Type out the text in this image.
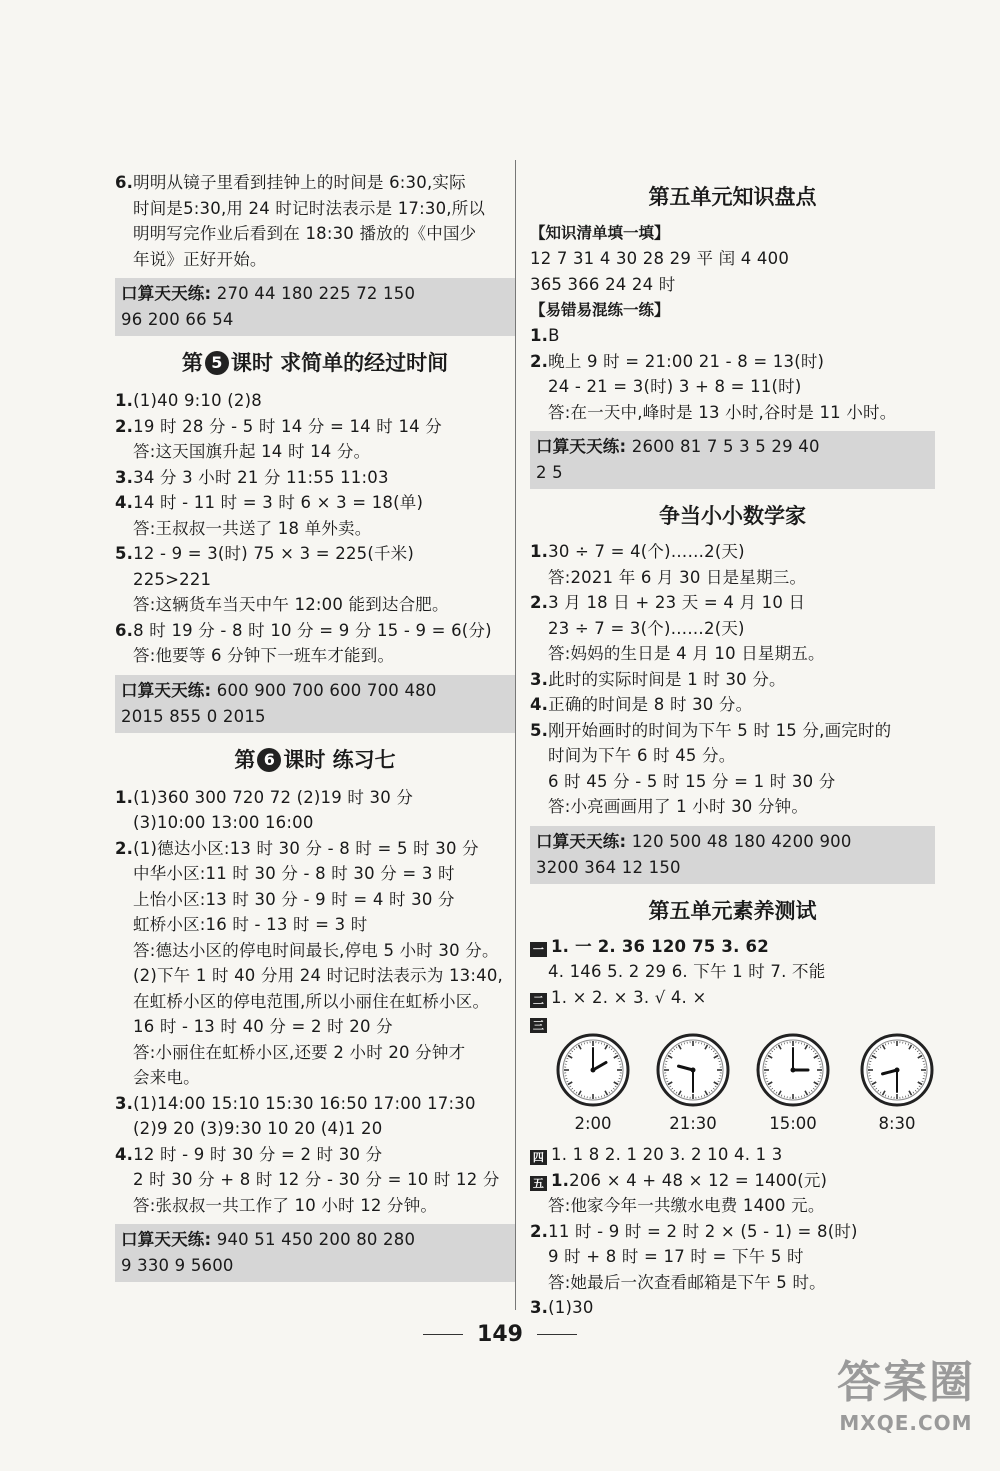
6.明明从镜子里看到挂钟上的时间是 6:30,实际
时间是5:30,用 24 时记时法表示是 17:30,所以
明明写完作业后看到在 18:30 播放的《中国少
年说》正好开始。
口算天天练: 270 44 180 225 72 150
96 200 66 54
第 5 课时 求简单的经过时间
1.(1)40 9:10 (2)8
2.19 时 28 分 - 5 时 14 分 = 14 时 14 分
答:这天国旗升起 14 时 14 分。
3.34 分 3 小时 21 分 11:55 11:03
4.14 时 - 11 时 = 3 时 6 × 3 = 18(单)
答:王叔叔一共送了 18 单外卖。
5.12 - 9 = 3(时) 75 × 3 = 225(千米)
225>221
答:这辆货车当天中午 12:00 能到达合肥。
6.8 时 19 分 - 8 时 10 分 = 9 分 15 - 9 = 6(分)
答:他要等 6 分钟下一班车才能到。
口算天天练: 600 900 700 600 700 480
2015 855 0 2015
第 6 课时 练习七
1.(1)360 300 720 72 (2)19 时 30 分
(3)10:00 13:00 16:00
2.(1)德达小区:13 时 30 分 - 8 时 = 5 时 30 分
中华小区:11 时 30 分 - 8 时 30 分 = 3 时
上怡小区:13 时 30 分 - 9 时 = 4 时 30 分
虹桥小区:16 时 - 13 时 = 3 时
答:德达小区的停电时间最长,停电 5 小时 30 分。
(2)下午 1 时 40 分用 24 时记时法表示为 13:40,
在虹桥小区的停电范围,所以小丽住在虹桥小区。
16 时 - 13 时 40 分 = 2 时 20 分
答:小丽住在虹桥小区,还要 2 小时 20 分钟才
会来电。
3.(1)14:00 15:10 15:30 16:50 17:00 17:30
(2)9 20 (3)9:30 10 20 (4)1 20
4.12 时 - 9 时 30 分 = 2 时 30 分
2 时 30 分 + 8 时 12 分 - 30 分 = 10 时 12 分
答:张叔叔一共工作了 10 小时 12 分钟。
口算天天练: 940 51 450 200 80 280
9 330 9 5600
第五单元知识盘点
【知识清单填一填】
12 7 31 4 30 28 29 平 闰 4 400
365 366 24 24 时
【易错易混练一练】
1.B
2.晚上 9 时 = 21:00 21 - 8 = 13(时)
24 - 21 = 3(时) 3 + 8 = 11(时)
答:在一天中,峰时是 13 小时,谷时是 11 小时。
口算天天练: 2600 81 7 5 3 5 29 40
2 5
争当小小数学家
1.30 ÷ 7 = 4(个)……2(天)
答:2021 年 6 月 30 日是星期三。
2.3 月 18 日 + 23 天 = 4 月 10 日
23 ÷ 7 = 3(个)……2(天)
答:妈妈的生日是 4 月 10 日星期五。
3.此时的实际时间是 1 时 30 分。
4.正确的时间是 8 时 30 分。
5.刚开始画时的时间为下午 5 时 15 分,画完时的
时间为下午 6 时 45 分。
6 时 45 分 - 5 时 15 分 = 1 时 30 分
答:小亮画画用了 1 小时 30 分钟。
口算天天练: 120 500 48 180 4200 900
3200 364 12 150
第五单元素养测试
一 1. 一 2. 36 120 75 3. 62
4. 146 5. 2 29 6. 下午 1 时 7. 不能
二 1. × 2. × 3. √ 4. ×
三
2:00	21:30	15:00	8:30
四 1. 1 8 2. 1 20 3. 2 10 4. 1 3
五 1.206 × 4 + 48 × 12 = 1400(元)
答:他家今年一共缴水电费 1400 元。
2.11 时 - 9 时 = 2 时 2 × (5 - 1) = 8(时)
9 时 + 8 时 = 17 时 = 下午 5 时
答:她最后一次查看邮箱是下午 5 时。
3.(1)30
149
答案圈
MXQE.COM
